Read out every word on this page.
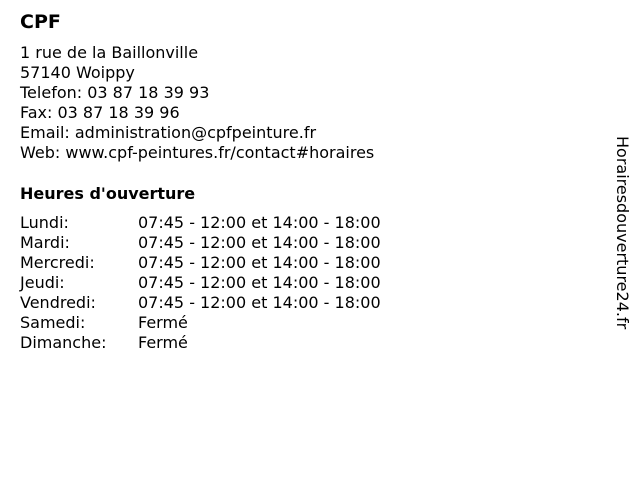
CPF
1 rue de la Baillonville
57140 Woippy
Telefon: 03 87 18 39 93
Fax: 03 87 18 39 96
Email: administration@cpfpeinture.fr
Web: www.cpf-peintures.fr/contact#horaires
Heures d'ouverture
Lundi:	07:45 - 12:00 et 14:00 - 18:00
Mardi:	07:45 - 12:00 et 14:00 - 18:00
Mercredi:	07:45 - 12:00 et 14:00 - 18:00
Jeudi:	07:45 - 12:00 et 14:00 - 18:00
Vendredi:	07:45 - 12:00 et 14:00 - 18:00
Samedi:	Fermé
Dimanche:	Fermé
Horairesdouverture24.fr
